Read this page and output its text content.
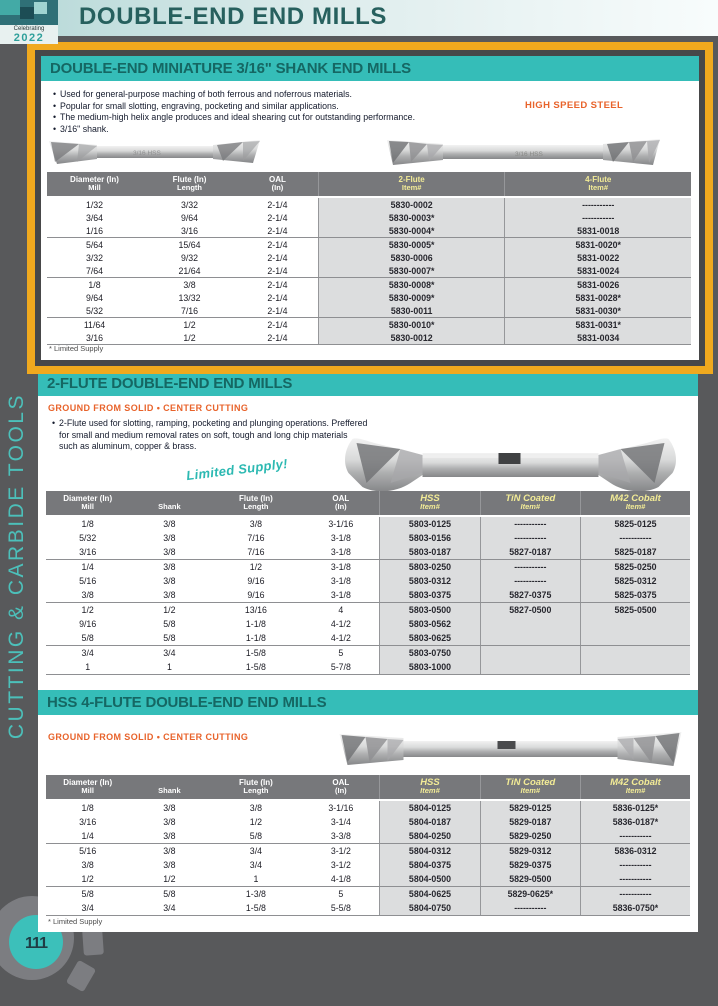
DOUBLE-END END MILLS
Celebrating
2022
CUTTING & CARBIDE TOOLS
111
2-FLUTE DOUBLE-END END MILLS
GROUND FROM SOLID • CENTER CUTTING
• 2-Flute used for slotting, ramping, pocketing and plunging operations. Preffered for small and medium removal rates on soft, tough and long chip materials such as aluminum, copper & brass.
Limited Supply!
Diameter (In)
Mill	Shank

Flute (In)
Length

OAL
(In)

HSS
Item#

TiN Coated
Item#

M42 Cobalt
Item#

1/8	3/8	3/8	3-1/16	5803-0125	-----------	5825-0125
5/32	3/8	7/16	3-1/8	5803-0156	-----------	-----------
3/16	3/8	7/16	3-1/8	5803-0187	5827-0187	5825-0187
1/4	3/8	1/2	3-1/8	5803-0250	-----------	5825-0250
5/16	3/8	9/16	3-1/8	5803-0312	-----------	5825-0312
3/8	3/8	9/16	3-1/8	5803-0375	5827-0375	5825-0375
1/2	1/2	13/16	4	5803-0500	5827-0500	5825-0500
9/16	5/8	1-1/8	4-1/2	5803-0562		
5/8	5/8	1-1/8	4-1/2	5803-0625		
3/4	3/4	1-5/8	5	5803-0750		
1	1	1-5/8	5-7/8	5803-1000		
HSS 4-FLUTE DOUBLE-END END MILLS
GROUND FROM SOLID • CENTER CUTTING
Diameter (In)
Mill	Shank

Flute (In)
Length

OAL
(In)

HSS
Item#

TiN Coated
Item#

M42 Cobalt
Item#

1/8	3/8	3/8	3-1/16	5804-0125	5829-0125	5836-0125*
3/16	3/8	1/2	3-1/4	5804-0187	5829-0187	5836-0187*
1/4	3/8	5/8	3-3/8	5804-0250	5829-0250	-----------
5/16	3/8	3/4	3-1/2	5804-0312	5829-0312	5836-0312
3/8	3/8	3/4	3-1/2	5804-0375	5829-0375	-----------
1/2	1/2	1	4-1/8	5804-0500	5829-0500	-----------
5/8	5/8	1-3/8	5	5804-0625	5829-0625*	-----------
3/4	3/4	1-5/8	5-5/8	5804-0750	-----------	5836-0750*
* Limited Supply
DOUBLE-END MINIATURE 3/16" SHANK END MILLS
• Used for general-purpose maching of both ferrous and noferrous materials.
• Popular for small slotting, engraving, pocketing and similar applications.
• The medium-high helix angle produces and ideal shearing cut for outstanding performance.
• 3/16" shank.
HIGH SPEED STEEL
3/16 HSS	3/16 HSS
Diameter (In)
Mill

Flute (In)
Length

OAL
(In)

2-Flute
Item#

4-Flute
Item#

1/32	3/32	2-1/4	5830-0002	-----------
3/64	9/64	2-1/4	5830-0003*	-----------
1/16	3/16	2-1/4	5830-0004*	5831-0018
5/64	15/64	2-1/4	5830-0005*	5831-0020*
3/32	9/32	2-1/4	5830-0006	5831-0022
7/64	21/64	2-1/4	5830-0007*	5831-0024
1/8	3/8	2-1/4	5830-0008*	5831-0026
9/64	13/32	2-1/4	5830-0009*	5831-0028*
5/32	7/16	2-1/4	5830-0011	5831-0030*
11/64	1/2	2-1/4	5830-0010*	5831-0031*
3/16	1/2	2-1/4	5830-0012	5831-0034
* Limited Supply
